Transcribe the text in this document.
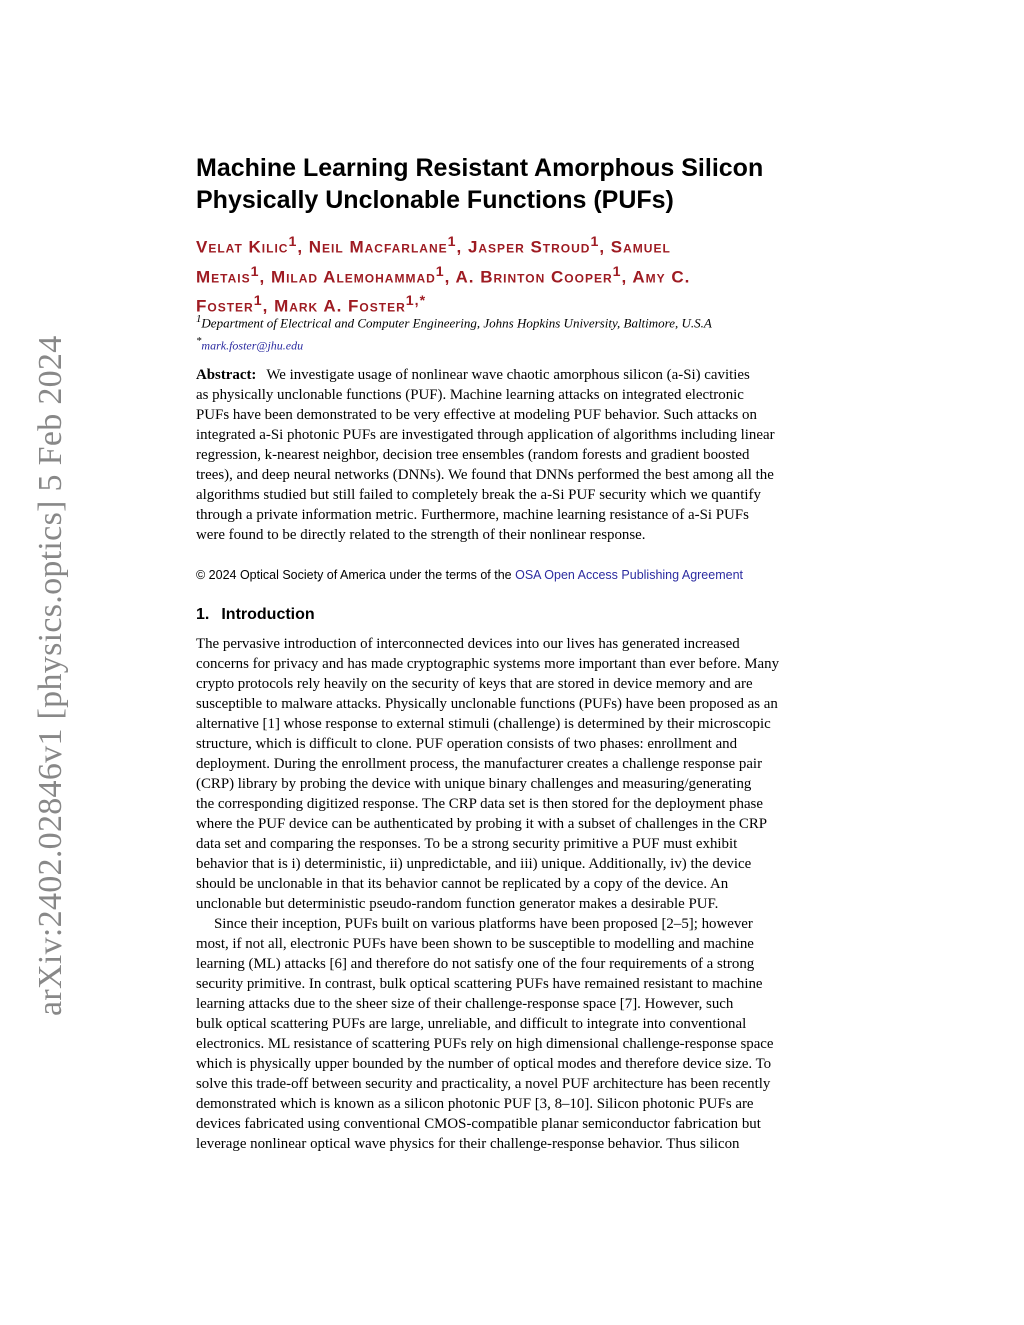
arXiv:2402.02846v1 [physics.optics] 5 Feb 2024
Machine Learning Resistant Amorphous Silicon
Physically Unclonable Functions (PUFs)
Velat Kilic$^1$, Neil Macfarlane$^1$, Jasper Stroud$^1$, Samuel
Metais$^1$, Milad Alemohammad$^1$, A. Brinton Cooper$^1$, Amy C.
Foster$^1$, Mark A. Foster$^{1,*}$
$^1$Department of Electrical and Computer Engineering, Johns Hopkins University, Baltimore, U.S.A
*mark.foster@jhu.edu
Abstract: We investigate usage of nonlinear wave chaotic amorphous silicon (a-Si) cavities
as physically unclonable functions (PUF). Machine learning attacks on integrated electronic
PUFs have been demonstrated to be very effective at modeling PUF behavior. Such attacks on
integrated a-Si photonic PUFs are investigated through application of algorithms including linear
regression, k-nearest neighbor, decision tree ensembles (random forests and gradient boosted
trees), and deep neural networks (DNNs). We found that DNNs performed the best among all the
algorithms studied but still failed to completely break the a-Si PUF security which we quantify
through a private information metric. Furthermore, machine learning resistance of a-Si PUFs
were found to be directly related to the strength of their nonlinear response.
© 2024 Optical Society of America under the terms of the OSA Open Access Publishing Agreement
1. Introduction

The pervasive introduction of interconnected devices into our lives has generated increased
concerns for privacy and has made cryptographic systems more important than ever before. Many
crypto protocols rely heavily on the security of keys that are stored in device memory and are
susceptible to malware attacks. Physically unclonable functions (PUFs) have been proposed as an
alternative [1] whose response to external stimuli (challenge) is determined by their microscopic
structure, which is difficult to clone. PUF operation consists of two phases: enrollment and
deployment. During the enrollment process, the manufacturer creates a challenge response pair
(CRP) library by probing the device with unique binary challenges and measuring/generating
the corresponding digitized response. The CRP data set is then stored for the deployment phase
where the PUF device can be authenticated by probing it with a subset of challenges in the CRP
data set and comparing the responses. To be a strong security primitive a PUF must exhibit
behavior that is i) deterministic, ii) unpredictable, and iii) unique. Additionally, iv) the device
should be unclonable in that its behavior cannot be replicated by a copy of the device. An
unclonable but deterministic pseudo-random function generator makes a desirable PUF.

Since their inception, PUFs built on various platforms have been proposed [2–5]; however
most, if not all, electronic PUFs have been shown to be susceptible to modelling and machine
learning (ML) attacks [6] and therefore do not satisfy one of the four requirements of a strong
security primitive. In contrast, bulk optical scattering PUFs have remained resistant to machine
learning attacks due to the sheer size of their challenge-response space [7]. However, such
bulk optical scattering PUFs are large, unreliable, and difficult to integrate into conventional
electronics. ML resistance of scattering PUFs rely on high dimensional challenge-response space
which is physically upper bounded by the number of optical modes and therefore device size. To
solve this trade-off between security and practicality, a novel PUF architecture has been recently
demonstrated which is known as a silicon photonic PUF [3, 8–10]. Silicon photonic PUFs are
devices fabricated using conventional CMOS-compatible planar semiconductor fabrication but
leverage nonlinear optical wave physics for their challenge-response behavior. Thus silicon
